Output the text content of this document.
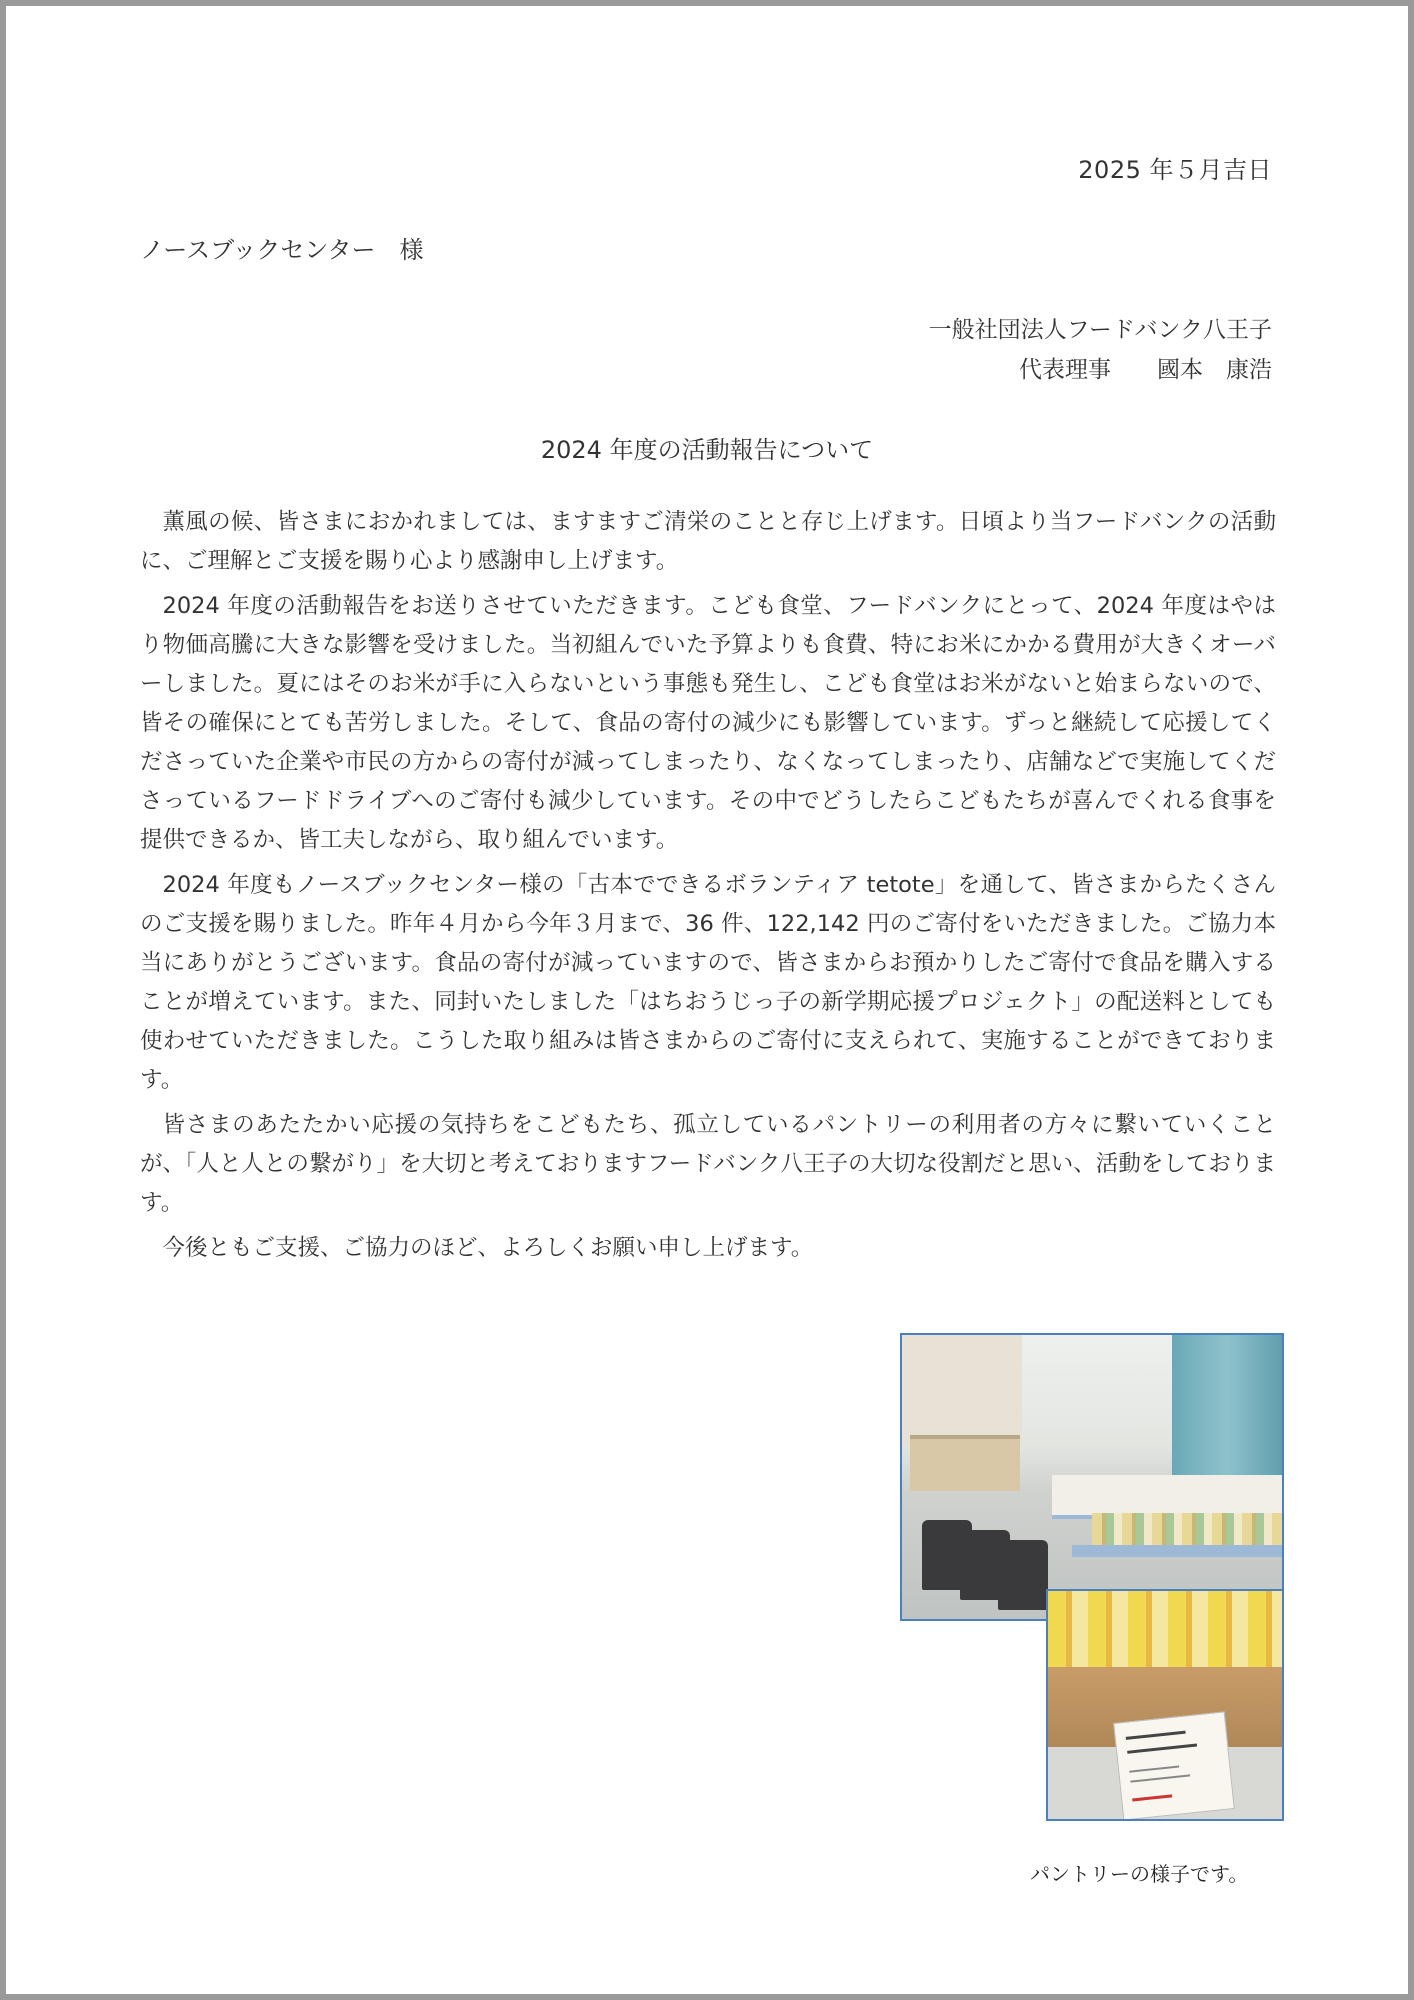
2025 年５月吉日
ノースブックセンター　様
一般社団法人フードバンク八王子
代表理事　　國本　康浩
2024 年度の活動報告について

薫風の候、皆さまにおかれましては、ますますご清栄のことと存じ上げます。日頃より当フードバンクの活動に、ご理解とご支援を賜り心より感謝申し上げます。

2024 年度の活動報告をお送りさせていただきます。こども食堂、フードバンクにとって、2024 年度はやはり物価高騰に大きな影響を受けました。当初組んでいた予算よりも食費、特にお米にかかる費用が大きくオーバーしました。夏にはそのお米が手に入らないという事態も発生し、こども食堂はお米がないと始まらないので、皆その確保にとても苦労しました。そして、食品の寄付の減少にも影響しています。ずっと継続して応援してくださっていた企業や市民の方からの寄付が減ってしまったり、なくなってしまったり、店舗などで実施してくださっているフードドライブへのご寄付も減少しています。その中でどうしたらこどもたちが喜んでくれる食事を提供できるか、皆工夫しながら、取り組んでいます。

2024 年度もノースブックセンター様の「古本でできるボランティア tetote」を通して、皆さまからたくさんのご支援を賜りました。昨年４月から今年３月まで、36 件、122,142 円のご寄付をいただきました。ご協力本当にありがとうございます。食品の寄付が減っていますので、皆さまからお預かりしたご寄付で食品を購入することが増えています。また、同封いたしました「はちおうじっ子の新学期応援プロジェクト」の配送料としても使わせていただきました。こうした取り組みは皆さまからのご寄付に支えられて、実施することができております。

皆さまのあたたかい応援の気持ちをこどもたち、孤立しているパントリーの利用者の方々に繋いていくことが、「人と人との繋がり」を大切と考えておりますフードバンク八王子の大切な役割だと思い、活動をしております。

今後ともご支援、ご協力のほど、よろしくお願い申し上げます。

パントリーの様子です。
